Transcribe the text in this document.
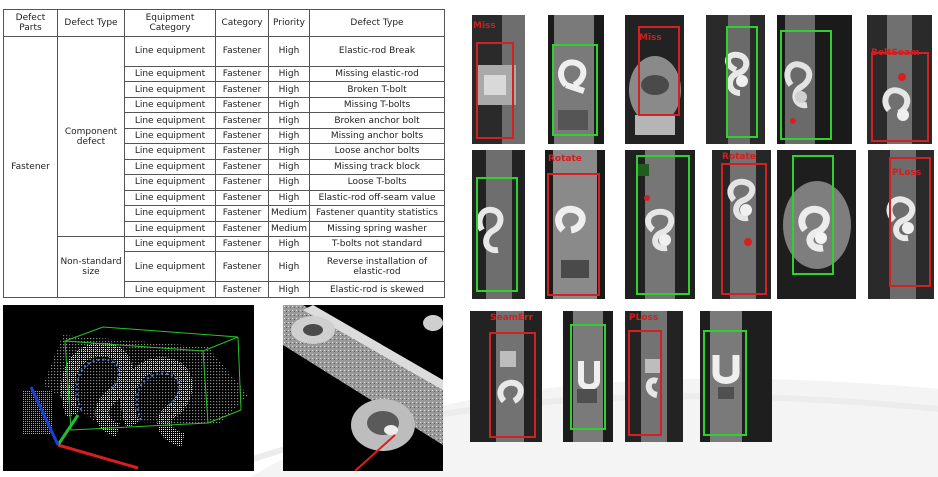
Defect Parts	Defect Type	Equipment Category	Category	Priority	Defect Type
Fastener	Component defect	Line equipment	Fastener	High	Elastic-rod Break
		Line equipment	Fastener	High	Missing elastic-rod
		Line equipment	Fastener	High	Broken T-bolt
		Line equipment	Fastener	High	Missing T-bolts
		Line equipment	Fastener	High	Broken anchor bolt
		Line equipment	Fastener	High	Missing anchor bolts
		Line equipment	Fastener	High	Loose anchor bolts
		Line equipment	Fastener	High	Missing track block
		Line equipment	Fastener	High	Loose T-bolts
		Line equipment	Fastener	High	Elastic-rod off-seam value
		Line equipment	Fastener	Medium	Fastener quantity statistics
		Line equipment	Fastener	Medium	Missing spring washer
	Non-standard size	Line equipment	Fastener	High	T-bolts not standard
		Line equipment	Fastener	High	Reverse installation of elastic-rod
		Line equipment	Fastener	High	Elastic-rod is skewed
Miss
Miss
BoltSeam
Rotate	Rotate
PLoss
SeamErr	PLoss
